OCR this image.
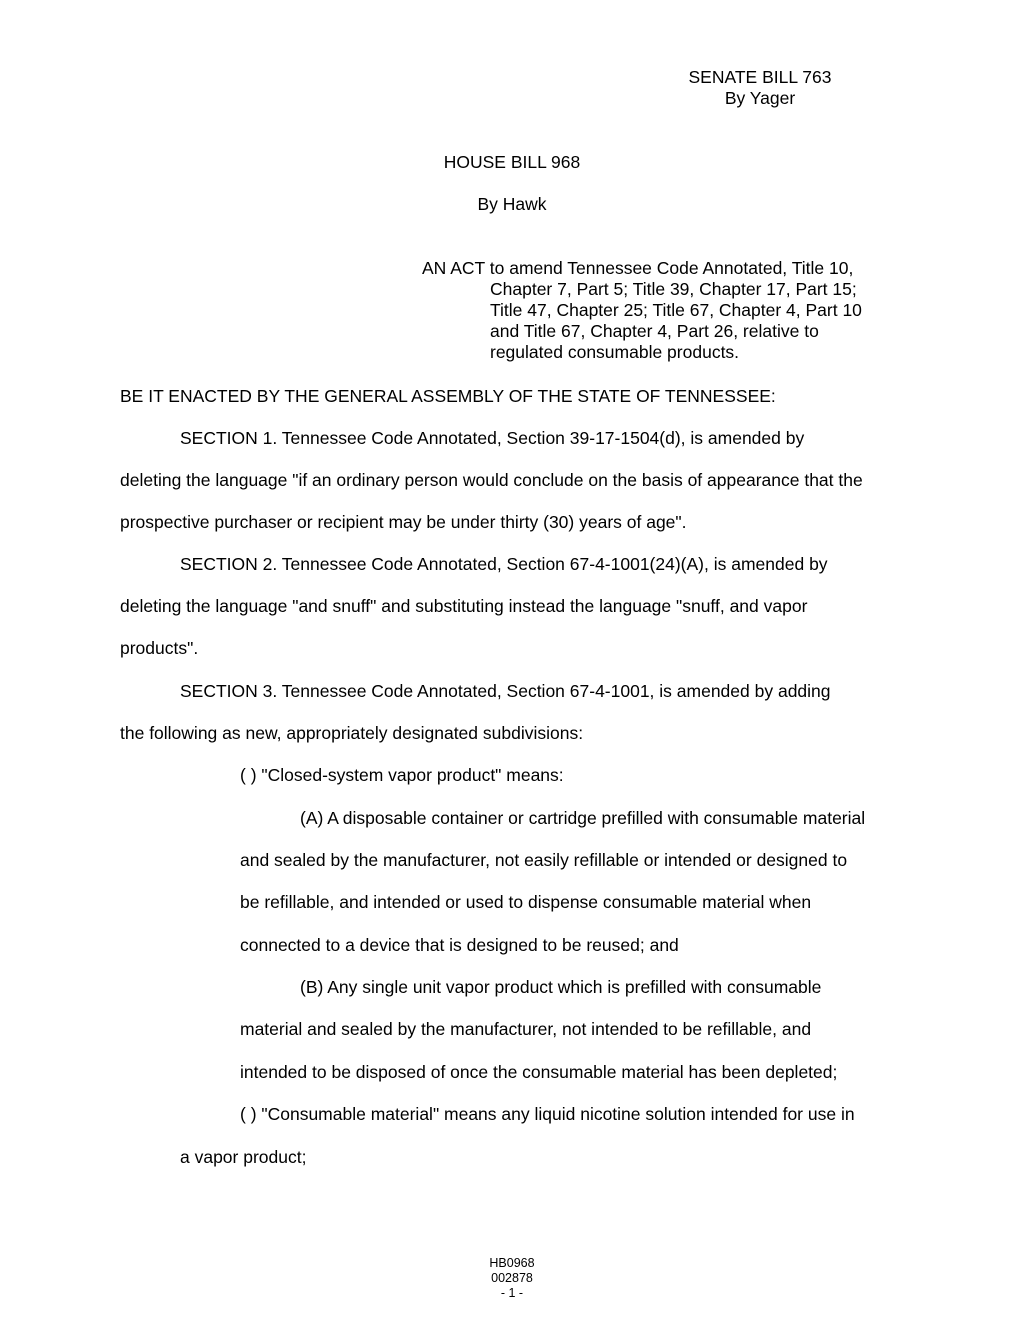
SENATE BILL 763
By Yager
HOUSE BILL 968
By Hawk
AN ACT to amend Tennessee Code Annotated, Title 10,
Chapter 7, Part 5; Title 39, Chapter 17, Part 15;
Title 47, Chapter 25; Title 67, Chapter 4, Part 10
and Title 67, Chapter 4, Part 26, relative to
regulated consumable products.

BE IT ENACTED BY THE GENERAL ASSEMBLY OF THE STATE OF TENNESSEE:

SECTION 1. Tennessee Code Annotated, Section 39-17-1504(d), is amended by

deleting the language "if an ordinary person would conclude on the basis of appearance that the

prospective purchaser or recipient may be under thirty (30) years of age".

SECTION 2. Tennessee Code Annotated, Section 67-4-1001(24)(A), is amended by

deleting the language "and snuff" and substituting instead the language "snuff, and vapor

products".

SECTION 3. Tennessee Code Annotated, Section 67-4-1001, is amended by adding

the following as new, appropriately designated subdivisions:

( ) "Closed-system vapor product" means:

(A) A disposable container or cartridge prefilled with consumable material

and sealed by the manufacturer, not easily refillable or intended or designed to

be refillable, and intended or used to dispense consumable material when

connected to a device that is designed to be reused; and

(B) Any single unit vapor product which is prefilled with consumable

material and sealed by the manufacturer, not intended to be refillable, and

intended to be disposed of once the consumable material has been depleted;

( ) "Consumable material" means any liquid nicotine solution intended for use in

a vapor product;

HB0968
002878
- 1 -
